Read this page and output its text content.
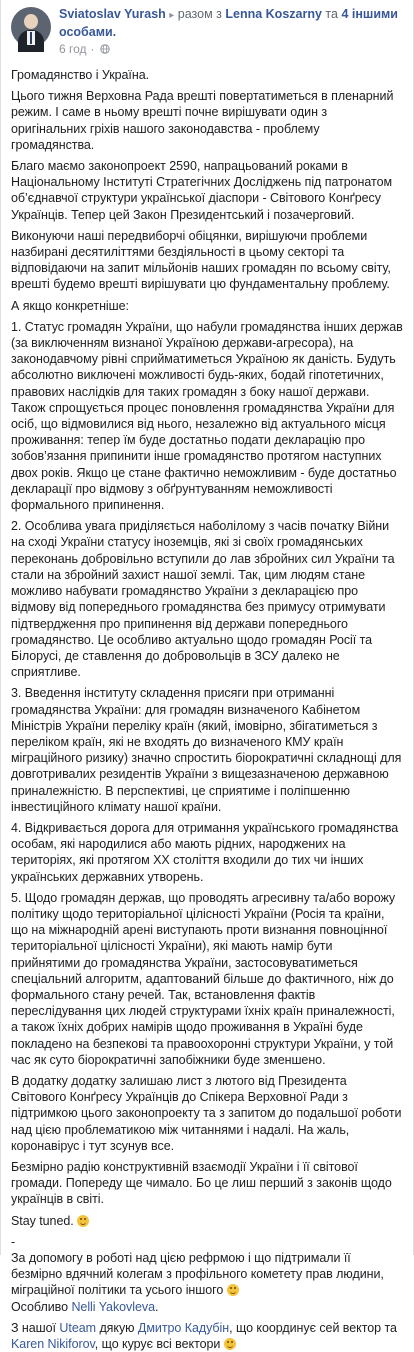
Sviatoslav Yurash ▸ разом з Lenna Koszarny та 4 іншими особами.
6 год ·

Громадянство і Україна.

Цього тижня Верховна Рада врешті повертатиметься в пленарний режим. І саме в ньому врешті почне вирішувати один з оригінальних гріхів нашого законодавства - проблему громадянства.

Благо маємо законопроект 2590, напрацьований роками в Національному Інституті Стратегічних Досліджень під патронатом об’єднавчої структури української діаспори - Світового Конґресу Українців. Тепер цей Закон Президентський і позачерговий.

Виконуючи наші передвиборчі обіцянки, вирішуючи проблеми назбирані десятиліттями бездіяльності в цьому секторі та відповідаючи на запит мільйонів наших громадян по всьому світу, врешті будемо врешті вирішувати цю фундаментальну проблему.

А якщо конкретніше:

1. Статус громадян України, що набули громадянства інших держав (за виключенням визнаної Україною держави-агресора), на законодавчому рівні сприйматиметься Україною як даність. Будуть абсолютно виключені можливості будь-яких, бодай гіпотетичних, правових наслідків для таких громадян з боку нашої держави. Також спрощується процес поновлення громадянства України для осіб, що відмовилися від нього, незалежно від актуального місця проживання: тепер їм буде достатньо подати декларацію про зобов’язання припинити інше громадянство протягом наступних двох років. Якщо це стане фактично неможливим - буде достатньо декларації про відмову з обґрунтуванням неможливості формального припинення.

2. Особлива увага приділяється наболілому з часів початку Війни на сході України статусу іноземців, які зі своїх громадянських переконань добровільно вступили до лав збройних сил України та стали на збройний захист нашої землі. Так, цим людям стане можливо набувати громадянство України з декларацією про відмову від попереднього громадянства без примусу отримувати підтвердження про припинення від держави попереднього громадянство. Це особливо актуально щодо громадян Росії та Білорусі, де ставлення до добровольців в ЗСУ далеко не сприятливе.

3. Введення інституту складення присяги при отриманні громадянства України: для громадян визначеного Кабінетом Міністрів України переліку країн (який, імовірно, збігатиметься з переліком країн, які не входять до визначеного КМУ країн міграційного ризику) значно спростить біорократичні складнощі для довготривалих резидентів України з вищезазначеною державною приналежністю. В перспективі, це сприятиме і поліпшенню інвестиційного клімату нашої країни.

4. Відкривається дорога для отримання українського громадянства особам, які народилися або мають рідних, народжених на територіях, які протягом ХХ століття входили до тих чи інших українських державних утворень.

5. Щодо громадян держав, що проводять агресивну та/або ворожу політику щодо територіальної цілісності України (Росія та країни, що на міжнародній арені виступають проти визнання повноцінної територіальної цілісності України), які мають намір бути прийнятими до громадянства України, застосовуватиметься спеціальний алгоритм, адаптований більше до фактичного, ніж до формального стану речей. Так, встановлення фактів переслідування цих людей структурами їхніх країн приналежності, а також їхніх добрих намірів щодо проживання в Україні буде покладено на безпекові та правоохоронні структури України, у той час як суто біорократичні запобіжники буде зменшено.

В додатку додатку залишаю лист з лютого від Президента Світового Конґресу Українців до Спікера Верховної Ради з підтримкою цього законопроекту та з запитом до подальшої роботи над цією проблематикою між читаннями і надалі. На жаль, коронавірус і тут зсунув все.

Безмірно радію конструктивній взаємодії України і її світової громади. Попереду ще чимало. Бо це лиш перший з законів щодо українців в світі.

Stay tuned.

-

За допомогу в роботі над цією рефрмою і що підтримали її безмірно вдячний колегам з профільного кометету прав людини, міграційної політики та усього іншого

Особливо Nelli Yakovleva.

З нашої Uteam дякую Дмитро Кадубін, що координує сей вектор та Karen Nikiforov, що курує всі вектори
